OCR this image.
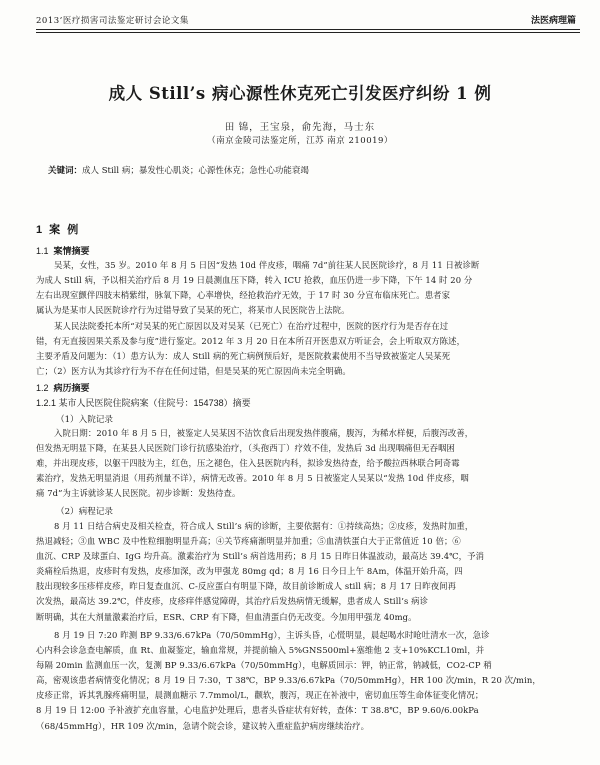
2013’医疗损害司法鉴定研讨会论文集	法医病理篇
成人 Still’s 病心源性休克死亡引发医疗纠纷 1 例
田 锦，王宝泉，俞先海，马士东
（南京金陵司法鉴定所，江苏 南京 210019）
关键词：成人 Still 病；暴发性心肌炎；心源性休克；急性心功能衰竭
1 案 例
1.1 案情摘要
吴某，女性，35 岁。2010 年 8 月 5 日因“发热 10d 伴皮疹，咽痛 7d”前往某人民医院诊疗，8 月 11 日被诊断
为成人 Still 病，予以相关治疗后 8 月 19 日晨测血压下降，转入 ICU 抢救，血压仍进一步下降，下午 14 时 20 分
左右出现室颤伴四肢末梢紫绀，脉氧下降，心率增快，经抢救治疗无效，于 17 时 30 分宣布临床死亡。患者家
属认为是某市人民医院诊疗行为过错导致了吴某的死亡，将某市人民医院告上法院。
某人民法院委托本所“对吴某的死亡原因以及对吴某（已死亡）在治疗过程中，医院的医疗行为是否存在过
错，有无直接因果关系及参与度”进行鉴定。2012 年 3 月 20 日在本所召开医患双方听证会，会上听取双方陈述，
主要矛盾及问题为：（1）患方认为：成人 Still 病的死亡病例预后好，是医院救素使用不当导致被鉴定人吴某死
亡；（2）医方认为其诊疗行为不存在任何过错，但是吴某的死亡原因尚未完全明确。
1.2 病历摘要
1.2.1 某市人民医院住院病案（住院号：154738）摘要
（1）入院记录
入院日期：2010 年 8 月 5 日，被鉴定人吴某因不洁饮食后出现发热伴腹痛，腹泻，为稀水样便，后腹泻改善，
但发热无明显下降，在某县人民医院门诊行抗感染治疗，（头孢西丁）疗效不佳，发热后 3d 出现咽痛但无吞咽困
难，并出现皮疹，以躯干四肢为主，红色，压之褪色，住入县医院内科，拟诊发热待查，给予酸拉西林联合阿奇霉
素治疗，发热无明显消退（用药剂量不详），病情无改善。2010 年 8 月 5 日被鉴定人吴某以“发热 10d 伴皮疹，咽
痛 7d”为主诉就诊某人民医院。初步诊断：发热待查。
（2）病程记录
8 月 11 日结合病史及相关检查，符合成人 Still’s 病的诊断，主要依据有：①持续高热；②皮疹，发热时加重，
热退减轻；③血 WBC 及中性粒细胞明显升高；④关节疼痛渐明显并加重；⑤血清铁蛋白大于正常值近 10 倍；⑥
血沉、CRP 及球蛋白、IgG 均升高。激素治疗为 Still’s 病首选用药；8 月 15 日昨日体温波动，最高达 39.4℃，予消
炎痛栓后热退，皮疹时有发热，皮疹加深，改为甲强龙 80mg qd；8 月 16 日今日上午 8Am，体温开始升高，四
肢出现较多压疹样皮疹，昨日复查血沉、C-反应蛋白有明显下降，故目前诊断成人 still 病；8 月 17 日昨夜间再
次发热，最高达 39.2℃，伴皮疹，皮疹痒伴感觉障碍，其治疗后发热病情无缓解，患者成人 Still’s 病诊
断明确，其在大剂量激素治疗后，ESR、CRP 有下降，但血清蛋白仍无改变。今加用甲强龙 40mg。
8 月 19 日 7:20 昨测 BP 9.33/6.67kPa（70/50mmHg），主诉头昏，心慌明显，晨起喝水时呛吐清水一次，急诊
心内科会诊急查电解质，血 Rt、血凝鉴定，输血常规，并提前输入 5%GNS500ml+塞维他 2 支+10%KCL10ml，并
每隔 20min 监测血压一次，复测 BP 9.33/6.67kPa（70/50mmHg），电解质回示：钾，钠正常，钠减低，CO2-CP 稍
高，密观该患者病情变化情况；8 月 19 日 7:30，T 38℃，BP 9.33/6.67kPa（70/50mmHg），HR 100 次/min，R 20 次/min，
皮疹正常，诉其乳腺疼痛明显，晨测血糖示 7.7mmol/L，颧软，腹泻，现正在补液中，密切血压等生命体征变化情况；
8 月 19 日 12:00 予补液扩充血容量，心电监护处理后，患者头昏症状有好转，查体：T 38.8℃，BP 9.60/6.00kPa
（68/45mmHg），HR 109 次/min，急请个院会诊，建议转入重症监护病房继续治疗。
